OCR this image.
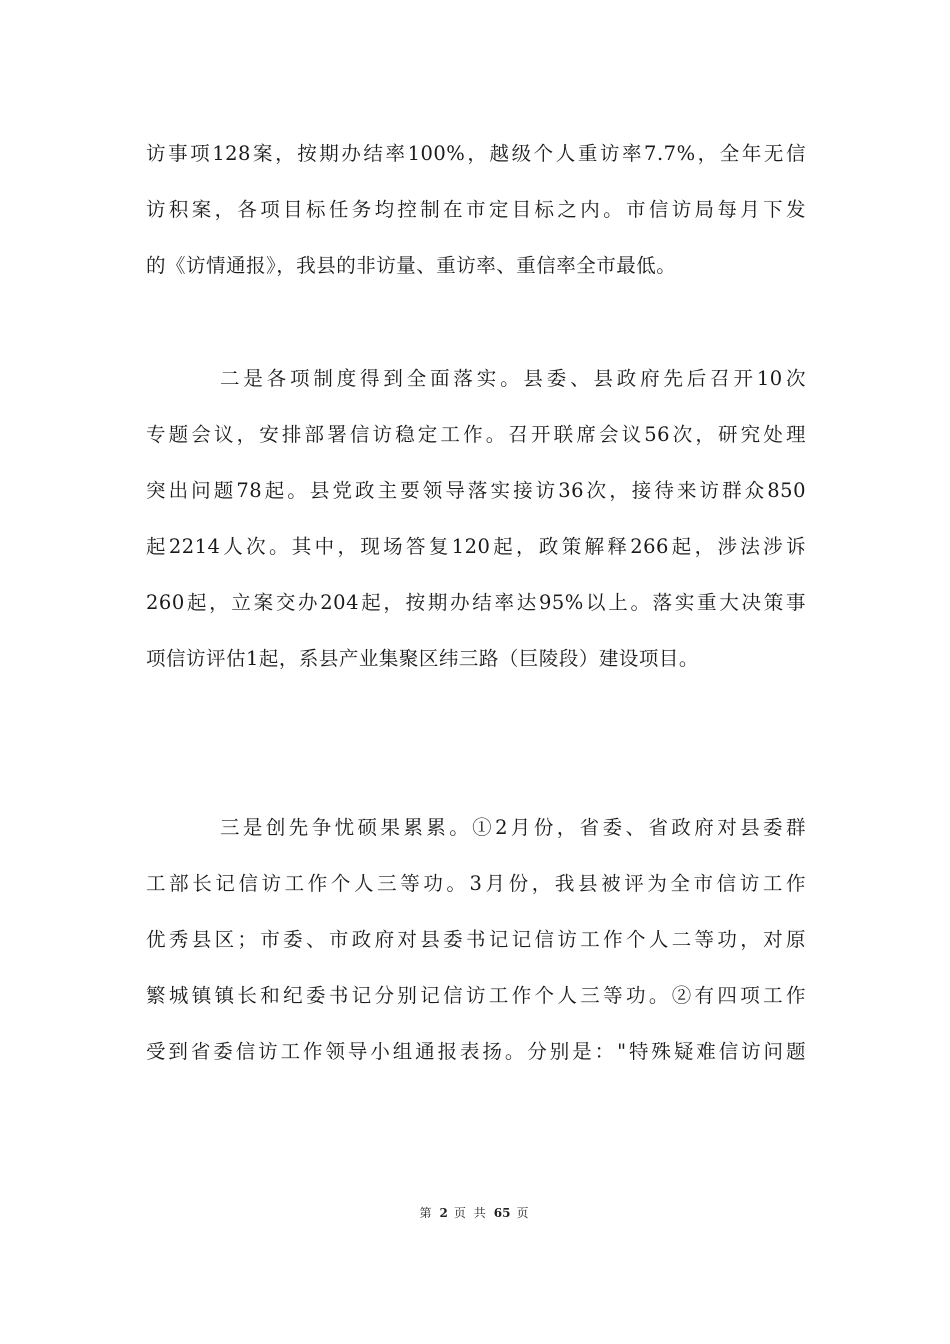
访事项128案，按期办结率100%，越级个人重访率7.7%，全年无信
访积案，各项目标任务均控制在市定目标之内。市信访局每月下发
的《访情通报》，我县的非访量、重访率、重信率全市最低。
二是各项制度得到全面落实。县委、县政府先后召开10次
专题会议，安排部署信访稳定工作。召开联席会议56次，研究处理
突出问题78起。县党政主要领导落实接访36次，接待来访群众850
起2214人次。其中，现场答复120起，政策解释266起，涉法涉诉
260起，立案交办204起，按期办结率达95%以上。落实重大决策事
项信访评估1起，系县产业集聚区纬三路（巨陵段）建设项目。
三是创先争忧硕果累累。①2月份，省委、省政府对县委群
工部长记信访工作个人三等功。3月份，我县被评为全市信访工作
优秀县区；市委、市政府对县委书记记信访工作个人二等功，对原
繁城镇镇长和纪委书记分别记信访工作个人三等功。②有四项工作
受到省委信访工作领导小组通报表扬。分别是："特殊疑难信访问题
第 2 页 共 65 页
